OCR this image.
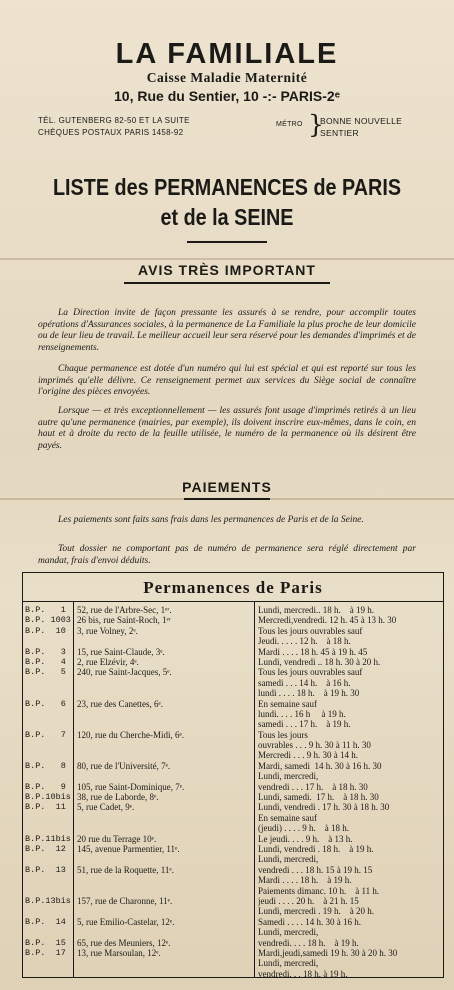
LA FAMILIALE
Caisse Maladie Maternité
10, Rue du Sentier, 10 -:- PARIS-2ᵉ
TÉL. GUTENBERG 82-50 ET LA SUITE
CHÈQUES POSTAUX PARIS 1458-92
MÉTRO }
BONNE NOUVELLE
SENTIER
LISTE des PERMANENCES de PARIS
et de la SEINE
AVIS TRÈS IMPORTANT
La Direction invite de façon pressante les assurés à se rendre, pour accomplir toutes opérations d'Assurances sociales, à la permanence de La Familiale la plus proche de leur domicile ou de leur lieu de travail. Le meilleur accueil leur sera réservé pour les demandes d'imprimés et de renseignements.
Chaque permanence est dotée d'un numéro qui lui est spécial et qui est reporté sur tous les imprimés qu'elle délivre. Ce renseignement permet aux services du Siège social de connaître l'origine des pièces envoyées.
Lorsque — et très exceptionnellement — les assurés font usage d'imprimés retirés à un lieu autre qu'une permanence (mairies, par exemple), ils doivent inscrire eux-mêmes, dans le coin, en haut et à droite du recto de la feuille utilisée, le numéro de la permanence où ils désirent être payés.
PAIEMENTS
Les paiements sont faits sans frais dans les permanences de Paris et de la Seine.
Tout dossier ne comportant pas de numéro de permanence sera réglé directement par mandat, frais d'envoi déduits.
Permanences de Paris
B.P.   1
B.P. 1003
B.P.  10
B.P.   3
B.P.   4
B.P.   5
B.P.   6
B.P.   7
B.P.   8
B.P.   9
B.P.10bis
B.P.  11
B.P.11bis
B.P.  12
B.P.  13
B.P.13bis
B.P.  14
B.P.  15
B.P.  17
52, rue de l'Arbre-Sec, 1ᵉʳ.
26 bis, rue Saint-Roch, 1ᵉʳ
3, rue Volney, 2ᵉ.
15, rue Saint-Claude, 3ᵉ.
2, rue Elzévir, 4ᵉ.
240, rue Saint-Jacques, 5ᵉ.
23, rue des Canettes, 6ᵉ.
120, rue du Cherche-Midi, 6ᵉ.
80, rue de l'Université, 7ᵉ.
105, rue Saint-Dominique, 7ᵉ.
38, rue de Laborde, 8ᵉ.
5, rue Cadet, 9ᵉ.
20 rue du Terrage 10ᵉ.
145, avenue Parmentier, 11ᵉ.
51, rue de la Roquette, 11ᵉ.
157, rue de Charonne, 11ᵉ.
5, rue Emilio-Castelar, 12ᵉ.
65, rue des Meuniers, 12ᵉ.
13, rue Marsoulan, 12ᵉ.
Lundi, mercredi.. 18 h.    à 19 h.
Mercredi,vendredi. 12 h. 45 à 13 h. 30
Tous les jours ouvrables sauf
Jeudi. . . . . 12 h.    à 18 h.
Mardi . . . . 18 h. 45 à 19 h. 45
Lundi, vendredi .. 18 h. 30 à 20 h.
Tous les jours ouvrables sauf
samedi . . . 14 h.    à 16 h.
lundi . . . . 18 h.    à 19 h. 30
En semaine sauf
lundi. . . . 16 h     à 19 h.
samedi . . . 17 h.    à 19 h.
Tous les jours
ouvrables . . . 9 h. 30 à 11 h. 30
Mercredi . . . 9 h. 30 à 14 h.
Mardi, samedi  14 h. 30 à 16 h. 30
Lundi, mercredi,
vendredi . . . 17 h.    à 18 h. 30
Lundi, samedi.  17 h.    à 18 h. 30
Lundi, vendredi . 17 h. 30 à 18 h. 30
En semaine sauf
(jeudi) . . . . 9 h.    à 18 h.
Le jeudi. . . . 9 h.    à 13 h.
Lundi, vendredi . 18 h.    à 19 h.
Lundi, mercredi,
vendredi . . . 18 h. 15 à 19 h. 15
Mardi . . . . 18 h.    à 19 h.
Paiements dimanc. 10 h.    à 11 h.
jeudi . . . . 20 h.    à 21 h. 15
Lundi, mercredi . 19 h.    à 20 h.
Samedi . . . . 14 h. 30 à 16 h.
Lundi, mercredi,
vendredi. . . . 18 h.    à 19 h.
Mardi,jeudi,samedi 19 h. 30 à 20 h. 30
Lundi, mercredi,
vendredi. . . 18 h. à 19 h.
